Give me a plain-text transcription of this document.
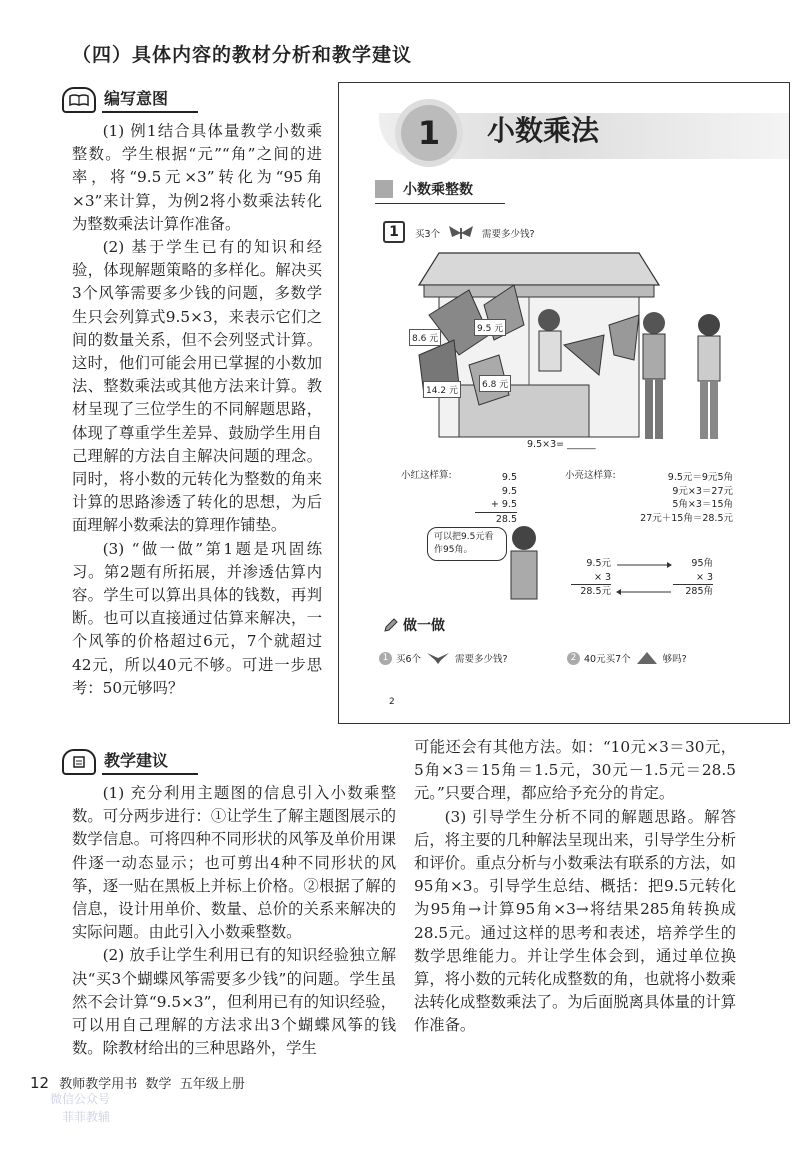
（四）具体内容的教材分析和教学建议
编写意图

(1) 例1结合具体量教学小数乘整数。学生根据“元”“角”之间的进率，将“9.5元×3”转化为“95角×3”来计算，为例2将小数乘法转化为整数乘法计算作准备。

(2) 基于学生已有的知识和经验，体现解题策略的多样化。解决买3个风筝需要多少钱的问题，多数学生只会列算式9.5×3，来表示它们之间的数量关系，但不会列竖式计算。这时，他们可能会用已掌握的小数加法、整数乘法或其他方法来计算。教材呈现了三位学生的不同解题思路，体现了尊重学生差异、鼓励学生用自己理解的方法自主解决问题的理念。同时，将小数的元转化为整数的角来计算的思路渗透了转化的思想，为后面理解小数乘法的算理作铺垫。

(3) “做一做”第1题是巩固练习。第2题有所拓展，并渗透估算内容。学生可以算出具体的钱数，再判断。也可以直接通过估算来解决，一个风筝的价格超过6元，7个就超过42元，所以40元不够。可进一步思考：50元够吗？

1	小数乘法
小数乘整数
1	买3个	需要多少钱?
8.6 元
9.5 元
14.2 元
6.8 元
9.5×3= ______
小红这样算:	9.5
9.5
+ 9.5
28.5
小亮这样算:	9.5元＝9元5角
9元×3＝27元
5角×3＝15角
27元＋15角＝28.5元
可以把9.5元看作95角。
9.5元
× 3
28.5元
95角
× 3
285角
做一做
1 买6个	需要多少钱?	2 40元买7个	够吗?
2
教学建议

(1) 充分利用主题图的信息引入小数乘整数。可分两步进行：①让学生了解主题图展示的数学信息。可将四种不同形状的风筝及单价用课件逐一动态显示；也可剪出4种不同形状的风筝，逐一贴在黑板上并标上价格。②根据了解的信息，设计用单价、数量、总价的关系来解决的实际问题。由此引入小数乘整数。

(2) 放手让学生利用已有的知识经验独立解决“买3个蝴蝶风筝需要多少钱”的问题。学生虽然不会计算“9.5×3”，但利用已有的知识经验，可以用自己理解的方法求出3个蝴蝶风筝的钱数。除教材给出的三种思路外，学生

可能还会有其他方法。如：“10元×3＝30元，5角×3＝15角＝1.5元，30元－1.5元＝28.5元。”只要合理，都应给予充分的肯定。

(3) 引导学生分析不同的解题思路。解答后，将主要的几种解法呈现出来，引导学生分析和评价。重点分析与小数乘法有联系的方法，如95角×3。引导学生总结、概括：把9.5元转化为95角→计算95角×3→将结果285角转换成28.5元。通过这样的思考和表述，培养学生的数学思维能力。并让学生体会到，通过单位换算，将小数的元转化成整数的角，也就将小数乘法转化成整数乘法了。为后面脱离具体量的计算作准备。

微信公众号
菲菲教辅
12 教师教学用书  数学  五年级上册
